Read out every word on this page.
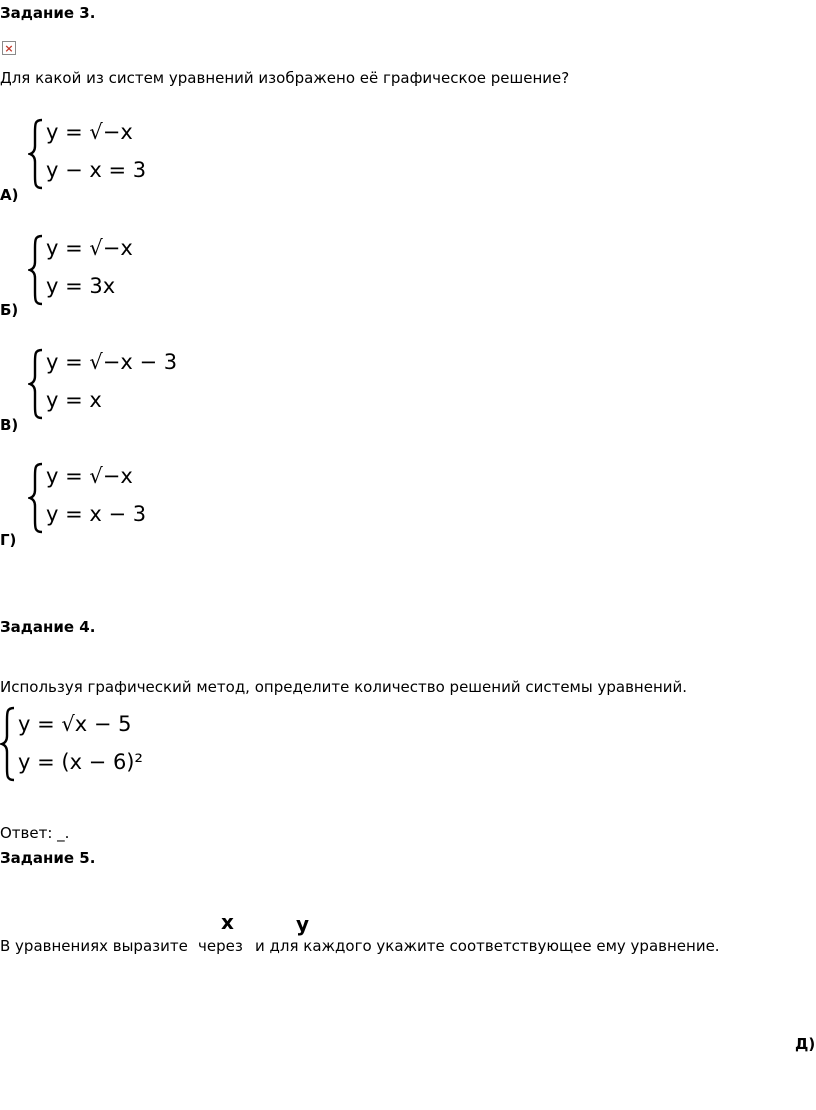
Задание 3.
×
Для какой из систем уравнений изображено её графическое решение?
y = √−x
y − x = 3
А)
y = √−x
y = 3x
Б)
y = √−x − 3
y = x
В)
y = √−x
y = x − 3
Г)
Задание 4.
Используя графический метод, определите количество решений системы уравнений.
y = √x − 5
y = (x − 6)²
Ответ: _.
Задание 5.
x	y
В уравнениях выразите через и для каждого укажите соответствующее ему уравнение.
Д)
